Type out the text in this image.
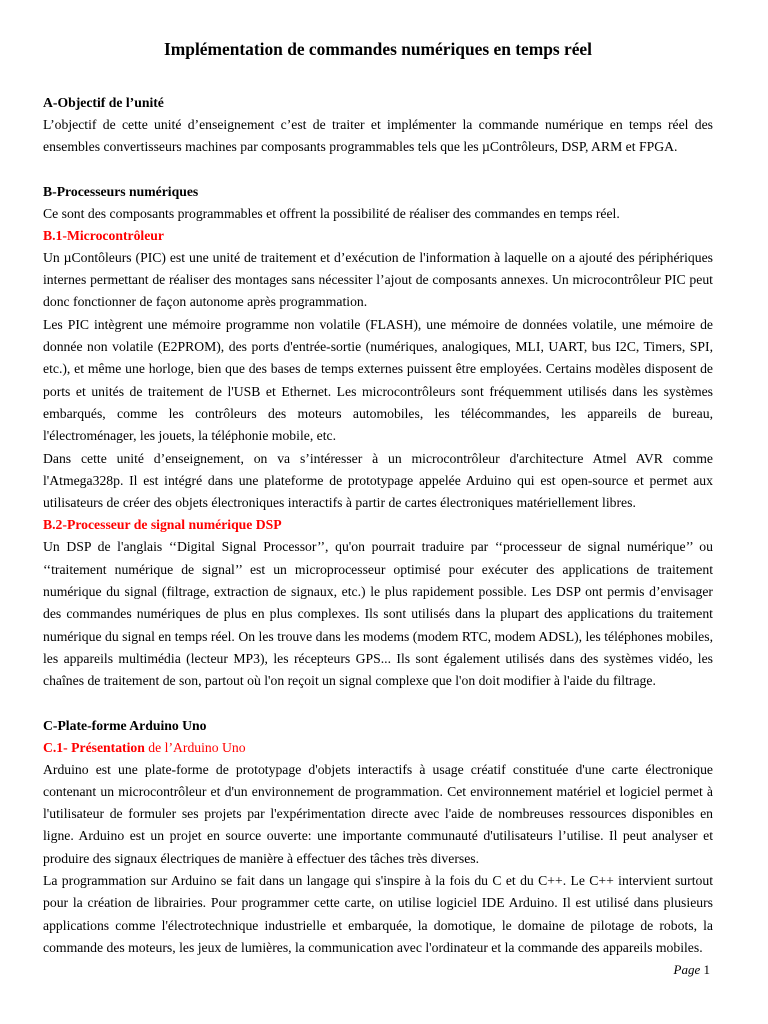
Implémentation de commandes numériques en temps réel
A-Objectif de l’unité

L’objectif de cette unité d’enseignement c’est de traiter et implémenter la commande numérique en temps réel des ensembles convertisseurs machines par composants programmables tels que les µContrôleurs, DSP, ARM et FPGA.

B-Processeurs numériques

Ce sont des composants programmables et offrent la possibilité de réaliser des commandes en temps réel.

B.1-Microcontrôleur

Un µContôleurs (PIC) est une unité de traitement et d’exécution de l'information à laquelle on a ajouté des périphériques internes permettant de réaliser des montages sans nécessiter l’ajout de composants annexes. Un microcontrôleur PIC peut donc fonctionner de façon autonome après programmation.

Les PIC intègrent une mémoire programme non volatile (FLASH), une mémoire de données volatile, une mémoire de donnée non volatile (E2PROM), des ports d'entrée-sortie (numériques, analogiques, MLI, UART, bus I2C, Timers, SPI, etc.), et même une horloge, bien que des bases de temps externes puissent être employées. Certains modèles disposent de ports et unités de traitement de l'USB et Ethernet. Les microcontrôleurs sont fréquemment utilisés dans les systèmes embarqués, comme les contrôleurs des moteurs automobiles, les télécommandes, les appareils de bureau, l'électroménager, les jouets, la téléphonie mobile, etc.

Dans cette unité d’enseignement, on va s’intéresser à un microcontrôleur d'architecture Atmel AVR comme l'Atmega328p. Il est intégré dans une plateforme de prototypage appelée Arduino qui est open-source et permet aux utilisateurs de créer des objets électroniques interactifs à partir de cartes électroniques matériellement libres.

B.2-Processeur de signal numérique DSP

Un DSP de l'anglais ‘‘Digital Signal Processor’’, qu'on pourrait traduire par ‘‘processeur de signal numérique’’ ou ‘‘traitement numérique de signal’’ est un microprocesseur optimisé pour exécuter des applications de traitement numérique du signal (filtrage, extraction de signaux, etc.) le plus rapidement possible. Les DSP ont permis d’envisager des commandes numériques de plus en plus complexes. Ils sont utilisés dans la plupart des applications du traitement numérique du signal en temps réel. On les trouve dans les modems (modem RTC, modem ADSL), les téléphones mobiles, les appareils multimédia (lecteur MP3), les récepteurs GPS... Ils sont également utilisés dans des systèmes vidéo, les chaînes de traitement de son, partout où l'on reçoit un signal complexe que l'on doit modifier à l'aide du filtrage.

C-Plate-forme Arduino Uno
C.1- Présentation de l’Arduino Uno

Arduino est une plate-forme de prototypage d'objets interactifs à usage créatif constituée d'une carte électronique contenant un microcontrôleur et d'un environnement de programmation. Cet environnement matériel et logiciel permet à l'utilisateur de formuler ses projets par l'expérimentation directe avec l'aide de nombreuses ressources disponibles en ligne. Arduino est un projet en source ouverte: une importante communauté d'utilisateurs l’utilise. Il peut analyser et produire des signaux électriques de manière à effectuer des tâches très diverses.

La programmation sur Arduino se fait dans un langage qui s'inspire à la fois du C et du C++. Le C++ intervient surtout pour la création de librairies. Pour programmer cette carte, on utilise logiciel IDE Arduino. Il est utilisé dans plusieurs applications comme l'électrotechnique industrielle et embarquée, la domotique, le domaine de pilotage de robots, la commande des moteurs, les jeux de lumières, la communication avec l'ordinateur et la commande des appareils mobiles.

Page 1
